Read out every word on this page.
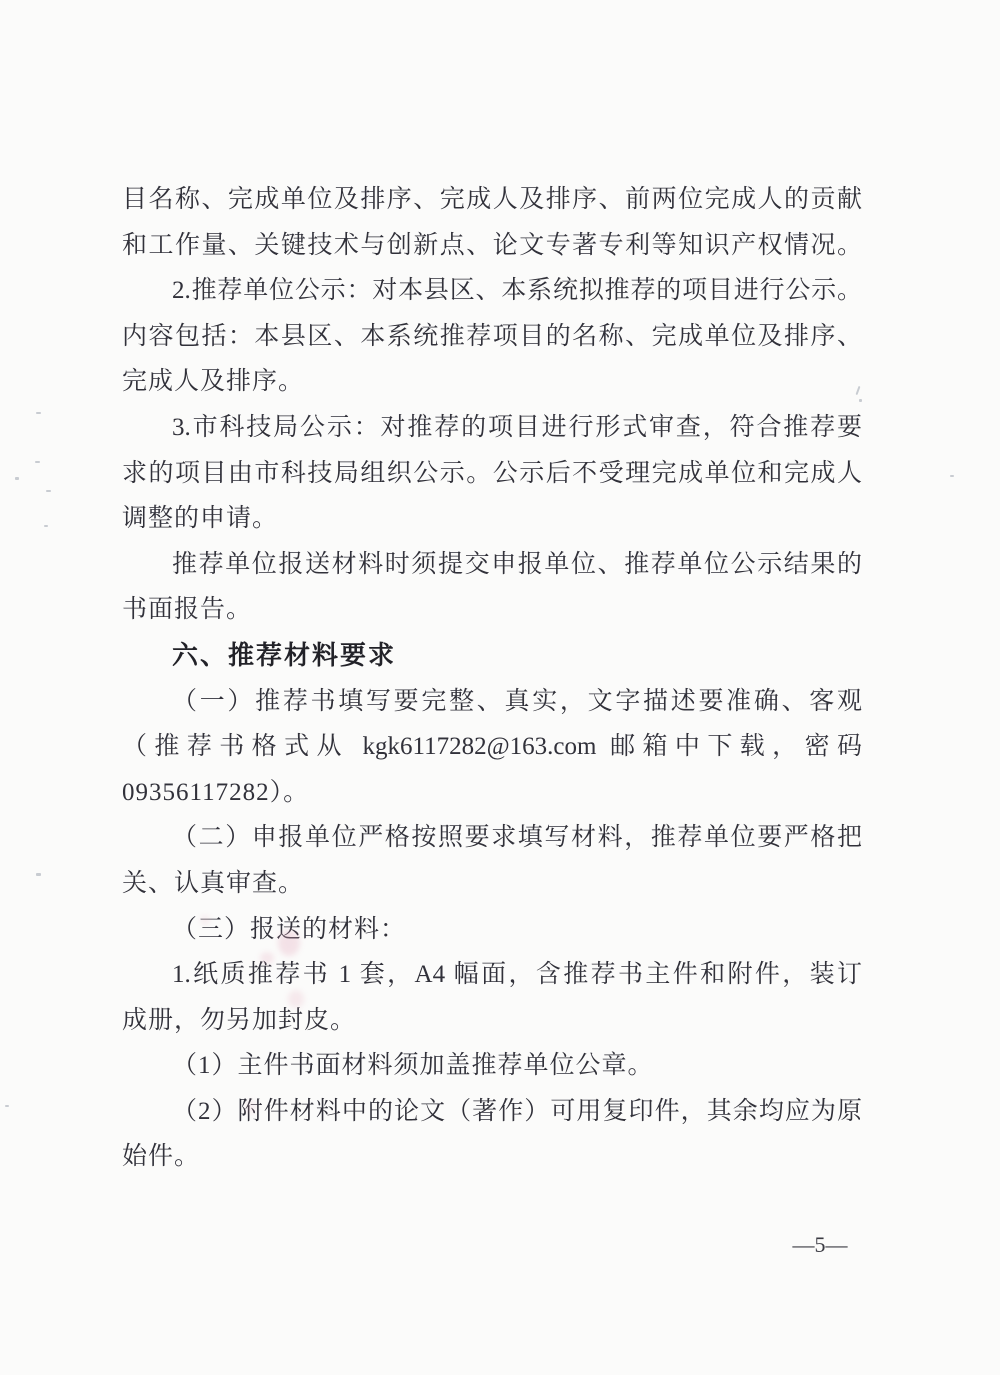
目名称、完成单位及排序、完成人及排序、前两位完成人的贡献
和工作量、关键技术与创新点、论文专著专利等知识产权情况。
2.推荐单位公示：对本县区、本系统拟推荐的项目进行公示。
内容包括：本县区、本系统推荐项目的名称、完成单位及排序、
完成人及排序。
3.市科技局公示：对推荐的项目进行形式审查，符合推荐要
求的项目由市科技局组织公示。公示后不受理完成单位和完成人
调整的申请。
推荐单位报送材料时须提交申报单位、推荐单位公示结果的
书面报告。
六、推荐材料要求
（一）推荐书填写要完整、真实，文字描述要准确、客观
（推荐书格式从 kgk6117282@163.com 邮箱中下载，密码
09356117282）。
（二）申报单位严格按照要求填写材料，推荐单位要严格把
关、认真审查。
（三）报送的材料：
1.纸质推荐书 1 套，A4 幅面，含推荐书主件和附件，装订
成册，勿另加封皮。
（1）主件书面材料须加盖推荐单位公章。
（2）附件材料中的论文（著作）可用复印件，其余均应为原
始件。
—5—
